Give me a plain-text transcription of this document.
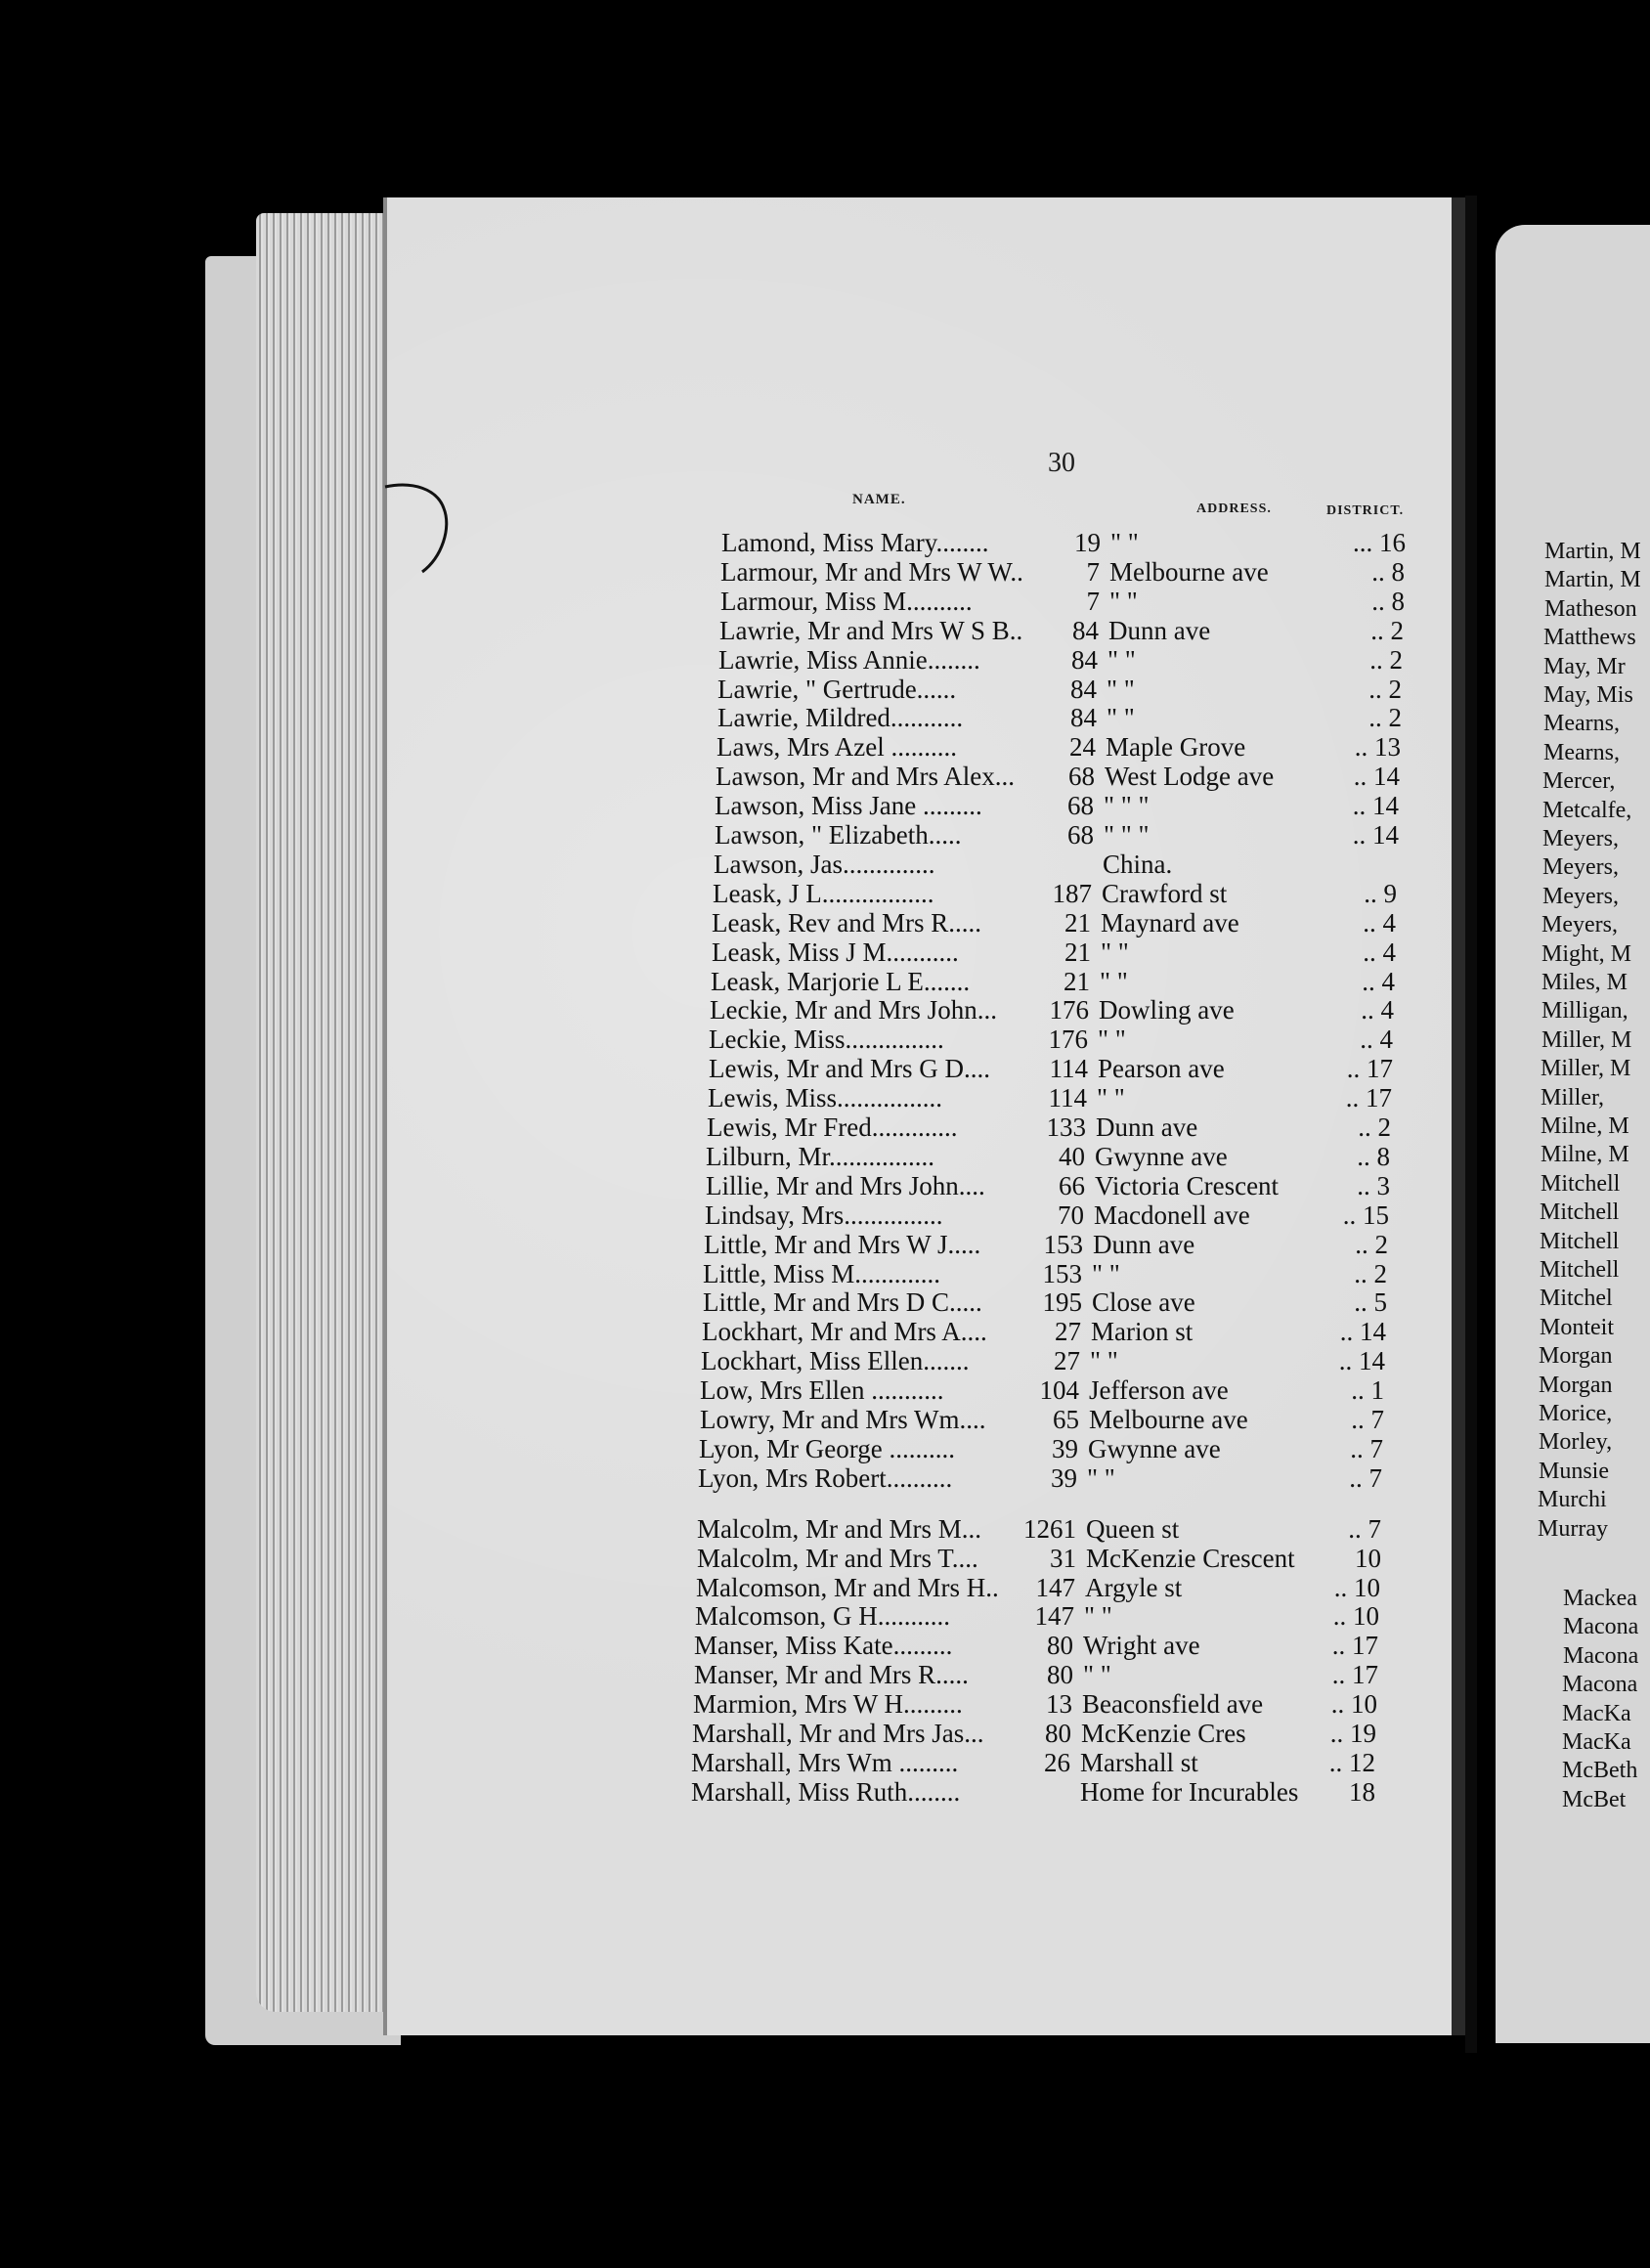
30
NAME.
ADDRESS.	DISTRICT.
Lamond, Miss Mary........	19 " "	... 16
Larmour, Mr and Mrs W W..	7 Melbourne ave	.. 8
Larmour, Miss M..........	7 " "	.. 8
Lawrie, Mr and Mrs W S B..	84 Dunn ave	.. 2
Lawrie, Miss Annie........	84 " "	.. 2
Lawrie, " Gertrude......	84 " "	.. 2
Lawrie, Mildred...........	84 " "	.. 2
Laws, Mrs Azel ..........	24 Maple Grove	.. 13
Lawson, Mr and Mrs Alex...	68 West Lodge ave	.. 14
Lawson, Miss Jane .........	68 " " "	.. 14
Lawson, " Elizabeth.....	68 " " "	.. 14
Lawson, Jas..............	China.
Leask, J L.................	187 Crawford st	.. 9
Leask, Rev and Mrs R.....	21 Maynard ave	.. 4
Leask, Miss J M...........	21 " "	.. 4
Leask, Marjorie L E.......	21 " "	.. 4
Leckie, Mr and Mrs John...	176 Dowling ave	.. 4
Leckie, Miss...............	176 " "	.. 4
Lewis, Mr and Mrs G D....	114 Pearson ave	.. 17
Lewis, Miss................	114 " "	.. 17
Lewis, Mr Fred.............	133 Dunn ave	.. 2
Lilburn, Mr................	40 Gwynne ave	.. 8
Lillie, Mr and Mrs John....	66 Victoria Crescent	.. 3
Lindsay, Mrs...............	70 Macdonell ave	.. 15
Little, Mr and Mrs W J.....	153 Dunn ave	.. 2
Little, Miss M.............	153 " "	.. 2
Little, Mr and Mrs D C.....	195 Close ave	.. 5
Lockhart, Mr and Mrs A....	27 Marion st	.. 14
Lockhart, Miss Ellen.......	27 " "	.. 14
Low, Mrs Ellen ...........	104 Jefferson ave	.. 1
Lowry, Mr and Mrs Wm....	65 Melbourne ave	.. 7
Lyon, Mr George ..........	39 Gwynne ave	.. 7
Lyon, Mrs Robert..........	39 " "	.. 7
Malcolm, Mr and Mrs M...	1261 Queen st	.. 7
Malcolm, Mr and Mrs T....	31 McKenzie Crescent	10
Malcomson, Mr and Mrs H..	147 Argyle st	.. 10
Malcomson, G H...........	147 " "	.. 10
Manser, Miss Kate.........	80 Wright ave	.. 17
Manser, Mr and Mrs R.....	80 " "	.. 17
Marmion, Mrs W H.........	13 Beaconsfield ave	.. 10
Marshall, Mr and Mrs Jas...	80 McKenzie Cres	.. 19
Marshall, Mrs Wm .........	26 Marshall st	.. 12
Marshall, Miss Ruth........	Home for Incurables	18
Martin, M
Martin, M
Matheson
Matthews
May, Mr
May, Mis
Mearns,
Mearns,
Mercer,
Metcalfe,
Meyers,
Meyers,
Meyers,
Meyers,
Might, M
Miles, M
Milligan,
Miller, M
Miller, M
Miller,
Milne, M
Milne, M
Mitchell
Mitchell
Mitchell
Mitchell
Mitchel
Monteit
Morgan
Morgan
Morice,
Morley,
Munsie
Murchi
Murray
Mackea
Macona
Macona
Macona
MacKa
MacKa
McBeth
McBet
